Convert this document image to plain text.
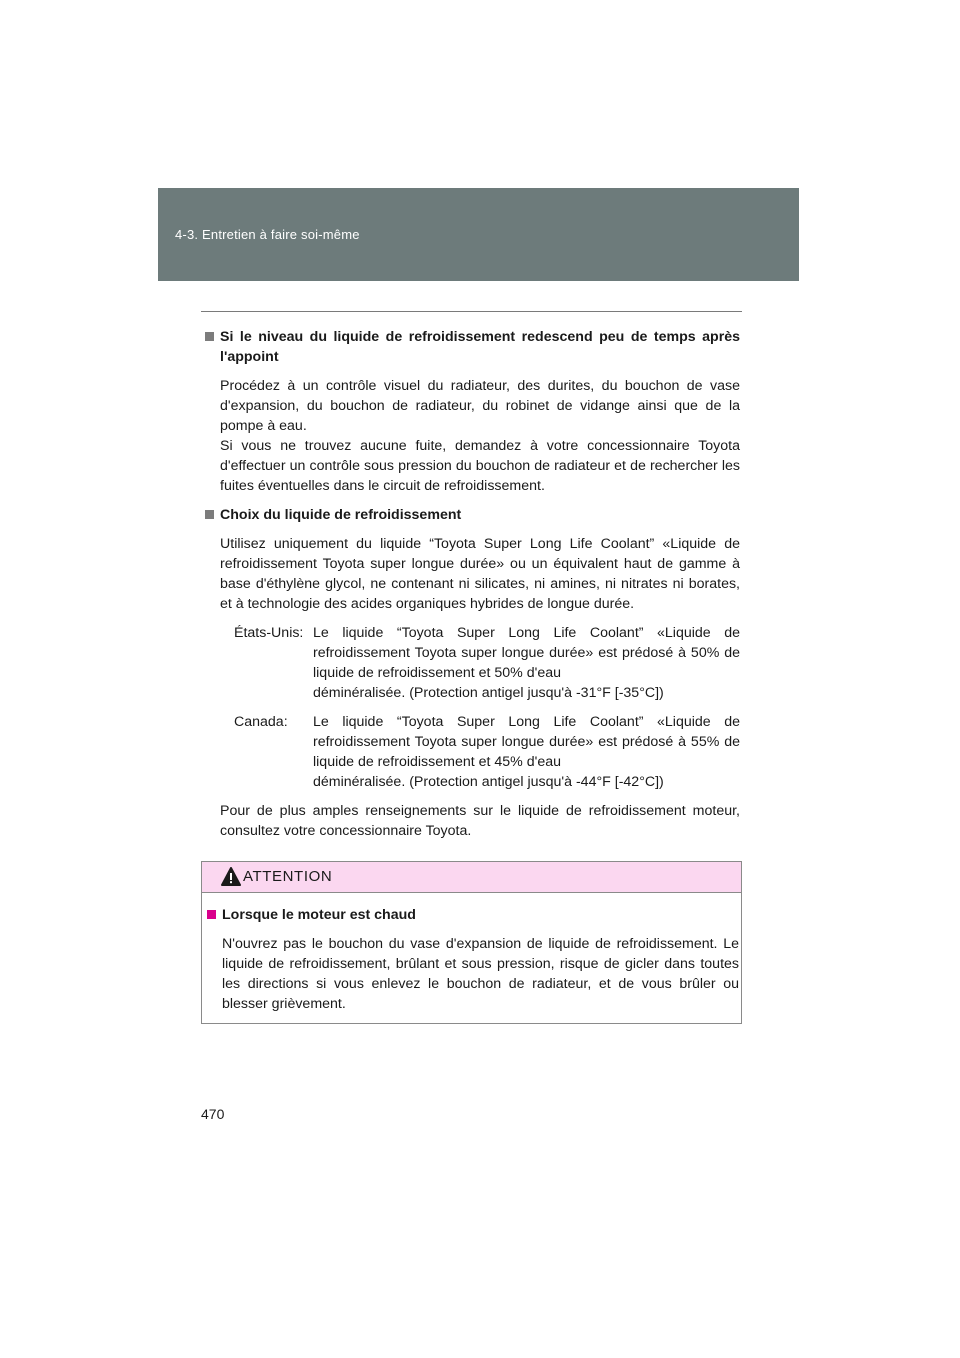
4-3. Entretien à faire soi-même

Si le niveau du liquide de refroidissement redescend peu de temps après l'appoint

Procédez à un contrôle visuel du radiateur, des durites, du bouchon de vase d'expansion, du bouchon de radiateur, du robinet de vidange ainsi que de la pompe à eau.

Si vous ne trouvez aucune fuite, demandez à votre concessionnaire Toyota d'effectuer un contrôle sous pression du bouchon de radiateur et de rechercher les fuites éventuelles dans le circuit de refroidissement.

Choix du liquide de refroidissement

Utilisez uniquement du liquide “Toyota Super Long Life Coolant” «Liquide de refroidissement Toyota super longue durée» ou un équivalent haut de gamme à base d'éthylène glycol, ne contenant ni silicates, ni amines, ni nitrates ni borates, et à technologie des acides organiques hybrides de longue durée.

États-Unis: Le liquide “Toyota Super Long Life Coolant” «Liquide de refroidissement Toyota super longue durée» est prédosé à 50% de liquide de refroidissement et 50% d'eau
déminéralisée. (Protection antigel jusqu'à -31°F [-35°C])
Canada:	Le liquide “Toyota Super Long Life Coolant” «Liquide de refroidissement Toyota super longue durée» est prédosé à 55% de liquide de refroidissement et 45% d'eau
déminéralisée. (Protection antigel jusqu'à -44°F [-42°C])

Pour de plus amples renseignements sur le liquide de refroidissement moteur, consultez votre concessionnaire Toyota.

ATTENTION

Lorsque le moteur est chaud

N'ouvrez pas le bouchon du vase d'expansion de liquide de refroidissement. Le liquide de refroidissement, brûlant et sous pression, risque de gicler dans toutes les directions si vous enlevez le bouchon de radiateur, et de vous brûler ou blesser grièvement.

470
